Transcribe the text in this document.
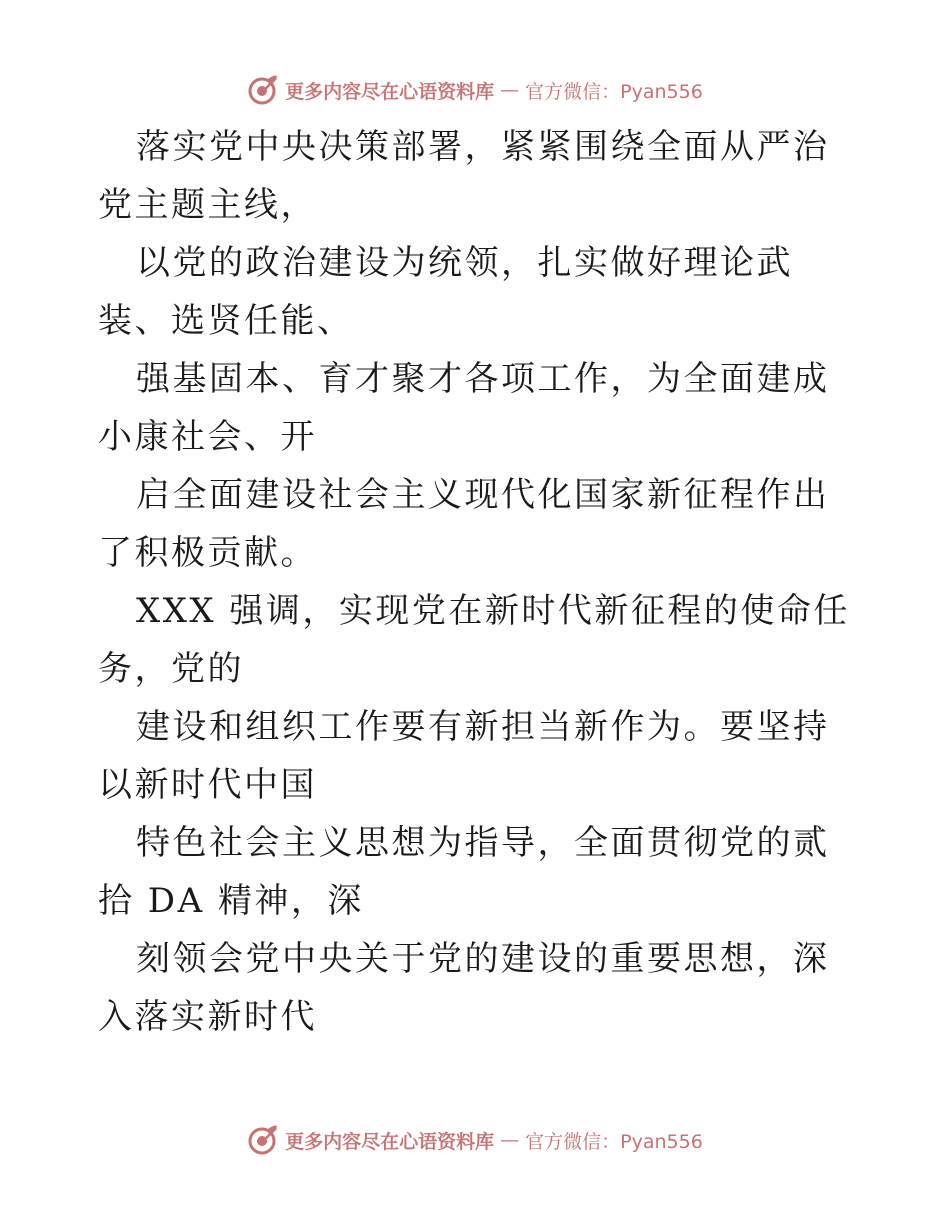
更多内容尽在心语资料库 — 官方微信：Pyan556

落实党中央决策部署，紧紧围绕全面从严治党主题主线，

以党的政治建设为统领，扎实做好理论武装、选贤任能、

强基固本、育才聚才各项工作，为全面建成小康社会、开

启全面建设社会主义现代化国家新征程作出了积极贡献。

XXX 强调，实现党在新时代新征程的使命任务，党的

建设和组织工作要有新担当新作为。要坚持以新时代中国

特色社会主义思想为指导，全面贯彻党的贰拾 DA 精神，深

刻领会党中央关于党的建设的重要思想，深入落实新时代

更多内容尽在心语资料库 — 官方微信：Pyan556
